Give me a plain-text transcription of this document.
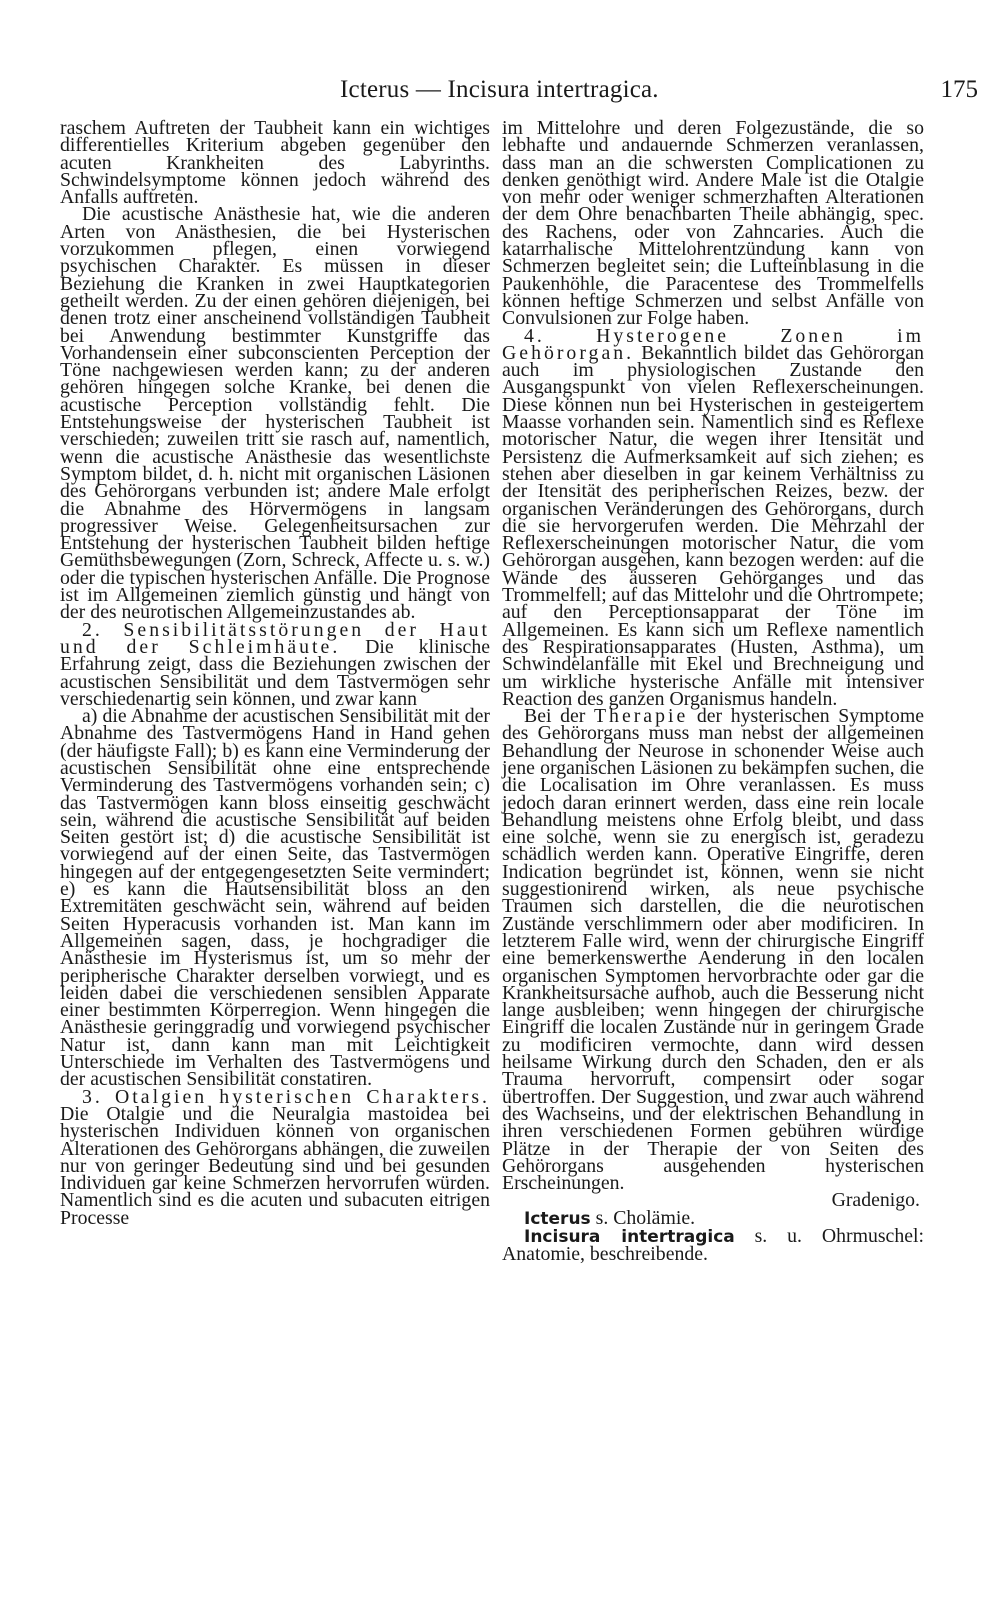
Icterus — Incisura intertragica.	175

raschem Auftreten der Taubheit kann ein wichtiges differentielles Kriterium abgeben gegenüber den acuten Krankheiten des Labyrinths. Schwindelsymptome können jedoch während des Anfalls auftreten.

Die acustische Anästhesie hat, wie die anderen Arten von Anästhesien, die bei Hysterischen vorzukommen pflegen, einen vorwiegend psychischen Charakter. Es müssen in dieser Beziehung die Kranken in zwei Hauptkategorien getheilt werden. Zu der einen gehören diejenigen, bei denen trotz einer anscheinend vollständigen Taubheit bei Anwendung bestimmter Kunstgriffe das Vorhandensein einer subconscienten Perception der Töne nachgewiesen werden kann; zu der anderen gehören hingegen solche Kranke, bei denen die acustische Perception vollständig fehlt. Die Entstehungsweise der hysterischen Taubheit ist verschieden; zuweilen tritt sie rasch auf, namentlich, wenn die acustische Anästhesie das wesentlichste Symptom bildet, d. h. nicht mit organischen Läsionen des Gehörorgans verbunden ist; andere Male erfolgt die Abnahme des Hörvermögens in langsam progressiver Weise. Gelegenheitsursachen zur Entstehung der hysterischen Taubheit bilden heftige Gemüthsbewegungen (Zorn, Schreck, Affecte u. s. w.) oder die typischen hysterischen Anfälle. Die Prognose ist im Allgemeinen ziemlich günstig und hängt von der des neurotischen Allgemeinzustandes ab.

2. Sensibilitätsstörungen der Haut und der Schleimhäute. Die klinische Erfahrung zeigt, dass die Beziehungen zwischen der acustischen Sensibilität und dem Tastvermögen sehr verschiedenartig sein können, und zwar kann

a) die Abnahme der acustischen Sensibilität mit der Abnahme des Tastvermögens Hand in Hand gehen (der häufigste Fall); b) es kann eine Verminderung der acustischen Sensibilität ohne eine entsprechende Verminderung des Tastvermögens vorhanden sein; c) das Tastvermögen kann bloss einseitig geschwächt sein, während die acustische Sensibilität auf beiden Seiten gestört ist; d) die acustische Sensibilität ist vorwiegend auf der einen Seite, das Tastvermögen hingegen auf der entgegengesetzten Seite vermindert; e) es kann die Hautsensibilität bloss an den Extremitäten geschwächt sein, während auf beiden Seiten Hyperacusis vorhanden ist. Man kann im Allgemeinen sagen, dass, je hochgradiger die Anästhesie im Hysterismus ist, um so mehr der peripherische Charakter derselben vorwiegt, und es leiden dabei die verschiedenen sensiblen Apparate einer bestimmten Körperregion. Wenn hingegen die Anästhesie geringgradig und vorwiegend psychischer Natur ist, dann kann man mit Leichtigkeit Unterschiede im Verhalten des Tastvermögens und der acustischen Sensibilität constatiren.

3. Otalgien hysterischen Charakters. Die Otalgie und die Neuralgia mastoidea bei hysterischen Individuen können von organischen Alterationen des Gehörorgans abhängen, die zuweilen nur von geringer Bedeutung sind und bei gesunden Individuen gar keine Schmerzen hervorrufen würden. Namentlich sind es die acuten und subacuten eitrigen Processe

im Mittelohre und deren Folgezustände, die so lebhafte und andauernde Schmerzen veranlassen, dass man an die schwersten Complicationen zu denken genöthigt wird. Andere Male ist die Otalgie von mehr oder weniger schmerzhaften Alterationen der dem Ohre benachbarten Theile abhängig, spec. des Rachens, oder von Zahncaries. Auch die katarrhalische Mittelohrentzündung kann von Schmerzen begleitet sein; die Lufteinblasung in die Paukenhöhle, die Paracentese des Trommelfells können heftige Schmerzen und selbst Anfälle von Convulsionen zur Folge haben.

4. Hysterogene Zonen im Gehörorgan. Bekanntlich bildet das Gehörorgan auch im physiologischen Zustande den Ausgangspunkt von vielen Reflexerscheinungen. Diese können nun bei Hysterischen in gesteigertem Maasse vorhanden sein. Namentlich sind es Reflexe motorischer Natur, die wegen ihrer Itensität und Persistenz die Aufmerksamkeit auf sich ziehen; es stehen aber dieselben in gar keinem Verhältniss zu der Itensität des peripherischen Reizes, bezw. der organischen Veränderungen des Gehörorgans, durch die sie hervorgerufen werden. Die Mehrzahl der Reflexerscheinungen motorischer Natur, die vom Gehörorgan ausgehen, kann bezogen werden: auf die Wände des äusseren Gehörganges und das Trommelfell; auf das Mittelohr und die Ohrtrompete; auf den Perceptionsapparat der Töne im Allgemeinen. Es kann sich um Reflexe namentlich des Respirationsapparates (Husten, Asthma), um Schwindelanfälle mit Ekel und Brechneigung und um wirkliche hysterische Anfälle mit intensiver Reaction des ganzen Organismus handeln.

Bei der Therapie der hysterischen Symptome des Gehörorgans muss man nebst der allgemeinen Behandlung der Neurose in schonender Weise auch jene organischen Läsionen zu bekämpfen suchen, die die Localisation im Ohre veranlassen. Es muss jedoch daran erinnert werden, dass eine rein locale Behandlung meistens ohne Erfolg bleibt, und dass eine solche, wenn sie zu energisch ist, geradezu schädlich werden kann. Operative Eingriffe, deren Indication begründet ist, können, wenn sie nicht suggestionirend wirken, als neue psychische Traumen sich darstellen, die die neurotischen Zustände verschlimmern oder aber modificiren. In letzterem Falle wird, wenn der chirurgische Eingriff eine bemerkenswerthe Aenderung in den localen organischen Symptomen hervorbrachte oder gar die Krankheitsursache aufhob, auch die Besserung nicht lange ausbleiben; wenn hingegen der chirurgische Eingriff die localen Zustände nur in geringem Grade zu modificiren vermochte, dann wird dessen heilsame Wirkung durch den Schaden, den er als Trauma hervorruft, compensirt oder sogar übertroffen. Der Suggestion, und zwar auch während des Wachseins, und der elektrischen Behandlung in ihren verschiedenen Formen gebühren würdige Plätze in der Therapie der von Seiten des Gehörorgans ausgehenden hysterischen Erscheinungen.

Gradenigo.

Icterus s. Cholämie.

Incisura intertragica s. u. Ohrmuschel: Anatomie, beschreibende.
